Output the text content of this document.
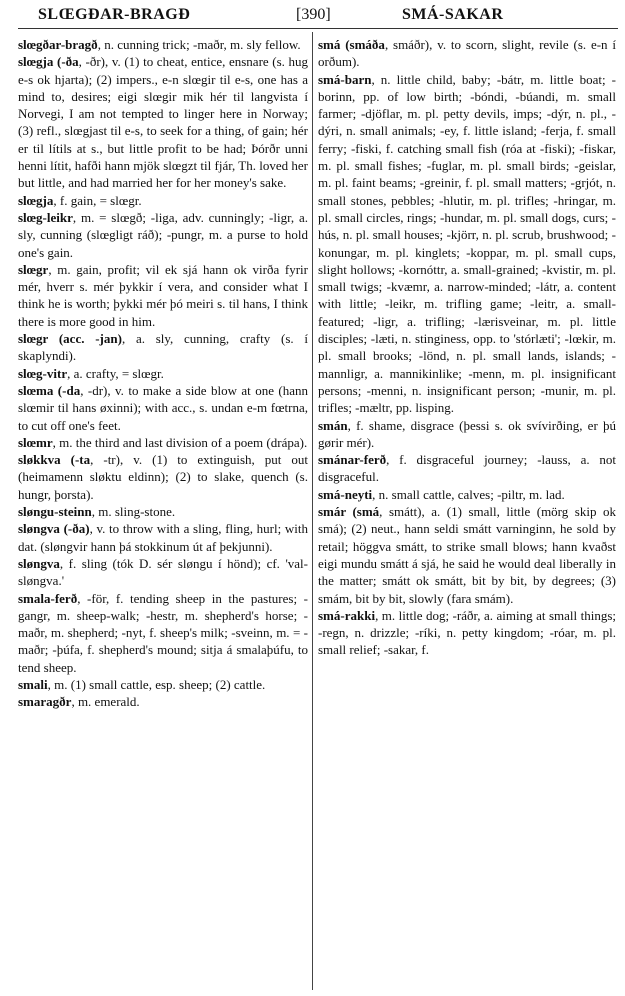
SLŒGÐAR-BRAGÐ	[390]	SMÁ-SAKAR

slœgðar-bragð, n. cunning trick; -maðr, m. sly fellow.

slœgja (-ða, -ðr), v. (1) to cheat, entice, ensnare (s. hug e-s ok hjarta); (2) impers., e-n slœgir til e-s, one has a mind to, desires; eigi slœgir mik hér til langvista í Norvegi, I am not tempted to linger here in Norway; (3) refl., slœgjast til e-s, to seek for a thing, of gain; hér er til lítils at s., but little profit to be had; Þórðr unni henni lítit, hafði hann mjök slœgzt til fjár, Th. loved her but little, and had married her for her money's sake.

slœgja, f. gain, = slœgr.

slœg-leikr, m. = slœgð; -liga, adv. cunningly; -ligr, a. sly, cunning (slœgligt ráð); -pungr, m. a purse to hold one's gain.

slœgr, m. gain, profit; vil ek sjá hann ok virða fyrir mér, hverr s. mér þykkir í vera, and consider what I think he is worth; þykki mér þó meiri s. til hans, I think there is more good in him.

slœgr (acc. -jan), a. sly, cunning, crafty (s. í skaplyndi).

slœg-vitr, a. crafty, = slœgr.

slœma (-da, -dr), v. to make a side blow at one (hann slœmir til hans øxinni); with acc., s. undan e-m fœtrna, to cut off one's feet.

slœmr, m. the third and last division of a poem (drápa).

sløkkva (-ta, -tr), v. (1) to extinguish, put out (heimamenn sløktu eldinn); (2) to slake, quench (s. hungr, þorsta).

sløngu-steinn, m. sling-stone.

sløngva (-ða), v. to throw with a sling, fling, hurl; with dat. (sløngvir hann þá stokkinum út af þekjunni).

sløngva, f. sling (tók D. sér sløngu í hönd); cf. 'val-sløngva.'

smala-ferð, -för, f. tending sheep in the pastures; -gangr, m. sheep-walk; -hestr, m. shepherd's horse; -maðr, m. shepherd; -nyt, f. sheep's milk; -sveinn, m. = -maðr; -þúfa, f. shepherd's mound; sitja á smalaþúfu, to tend sheep.

smali, m. (1) small cattle, esp. sheep; (2) cattle.

smaragðr, m. emerald.

smá (smáða, smáðr), v. to scorn, slight, revile (s. e-n í orðum).

smá-barn, n. little child, baby; -bátr, m. little boat; -borinn, pp. of low birth; -bóndi, -búandi, m. small farmer; -djöflar, m. pl. petty devils, imps; -dýr, n. pl., -dýri, n. small animals; -ey, f. little island; -ferja, f. small ferry; -fiski, f. catching small fish (róa at -fiski); -fiskar, m. pl. small fishes; -fuglar, m. pl. small birds; -geislar, m. pl. faint beams; -greinir, f. pl. small matters; -grjót, n. small stones, pebbles; -hlutir, m. pl. trifles; -hringar, m. pl. small circles, rings; -hundar, m. pl. small dogs, curs; -hús, n. pl. small houses; -kjörr, n. pl. scrub, brushwood; -konungar, m. pl. kinglets; -koppar, m. pl. small cups, slight hollows; -kornóttr, a. small-grained; -kvistir, m. pl. small twigs; -kvæmr, a. narrow-minded; -látr, a. content with little; -leikr, m. trifling game; -leitr, a. small-featured; -ligr, a. trifling; -lærisveinar, m. pl. little disciples; -læti, n. stinginess, opp. to 'stórlæti'; -lœkir, m. pl. small brooks; -lönd, n. pl. small lands, islands; -mannligr, a. mannikinlike; -menn, m. pl. insignificant persons; -menni, n. insignificant person; -munir, m. pl. trifles; -mæltr, pp. lisping.

smán, f. shame, disgrace (þessi s. ok svívirðing, er þú gørir mér).

smánar-ferð, f. disgraceful journey; -lauss, a. not disgraceful.

smá-neyti, n. small cattle, calves; -piltr, m. lad.

smár (smá, smátt), a. (1) small, little (mörg skip ok smá); (2) neut., hann seldi smátt varninginn, he sold by retail; höggva smátt, to strike small blows; hann kvaðst eigi mundu smátt á sjá, he said he would deal liberally in the matter; smátt ok smátt, bit by bit, by degrees; (3) smám, bit by bit, slowly (fara smám).

smá-rakki, m. little dog; -ráðr, a. aiming at small things; -regn, n. drizzle; -ríki, n. petty kingdom; -róar, m. pl. small relief; -sakar, f.
